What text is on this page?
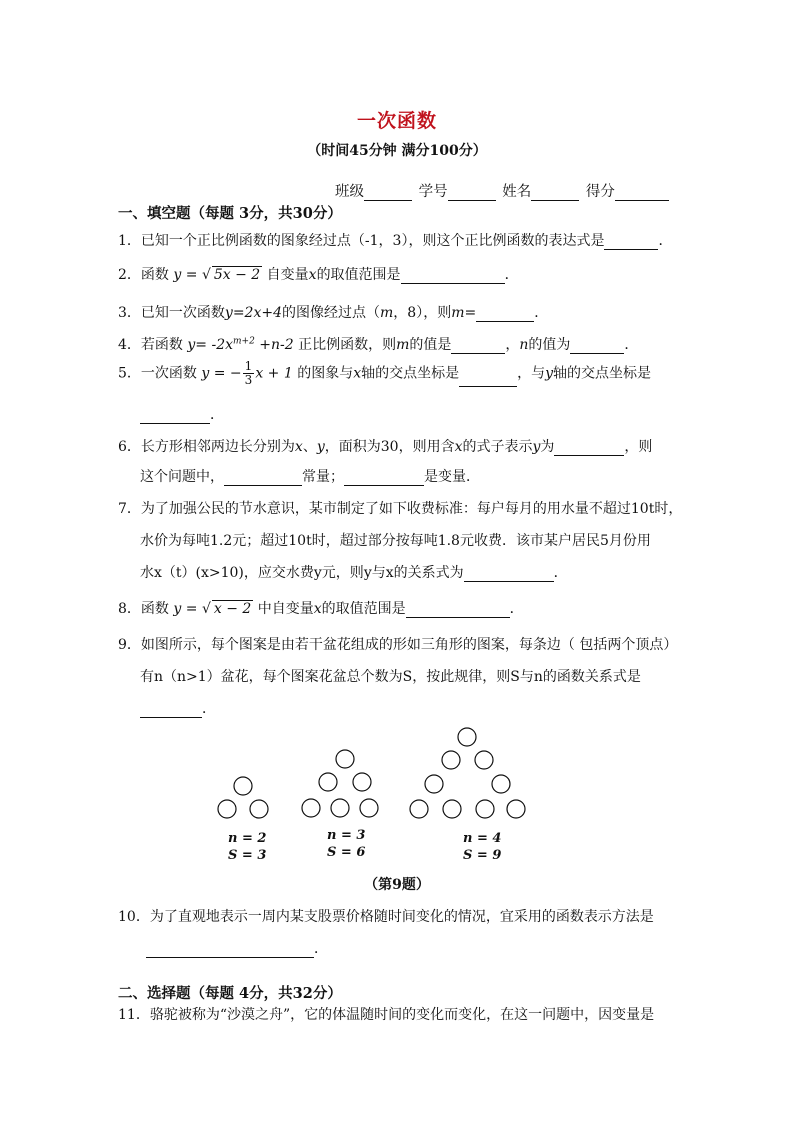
一次函数
（时间45分钟 满分100分）
班级	学号	姓名	得分
一、填空题（每题 3分，共30分）
1．已知一个正比例函数的图象经过点（-1，3），则这个正比例函数的表达式是	．
2．函数 y = √ 5x − 2 自变量x的取值范围是	．
3．已知一次函数y=2x+4的图像经过点（m，8），则m=	．
4．若函数 $y= -2x^{m+2} +n-2$ 正比例函数，则m的值是	，n的值为	．
5．一次函数 y = − $\frac{1}{3}$ x + 1 的图象与x轴的交点坐标是	，与y轴的交点坐标是
．
6．长方形相邻两边长分别为x、y，面积为30，则用含x的式子表示y为	，则
这个问题中，	常量；	是变量．
7．为了加强公民的节水意识，某市制定了如下收费标准：每户每月的用水量不超过10t时，
水价为每吨1.2元；超过10t时，超过部分按每吨1.8元收费．该市某户居民5月份用
水x（t）(x>10)，应交水费y元，则y与x的关系式为	．
8．函数 y = √ x − 2 中自变量x的取值范围是	．
9．如图所示，每个图案是由若干盆花组成的形如三角形的图案，每条边（ 包括两个顶点）
有n（n>1）盆花，每个图案花盆总个数为S，按此规律，则S与n的函数关系式是
．
n = 2
S = 3
n = 3
S = 6
n = 4
S = 9
（第9题）
10．为了直观地表示一周内某支股票价格随时间变化的情况，宜采用的函数表示方法是
．
二、选择题（每题 4分，共32分）
11．骆驼被称为“沙漠之舟”，它的体温随时间的变化而变化，在这一问题中，因变量是
